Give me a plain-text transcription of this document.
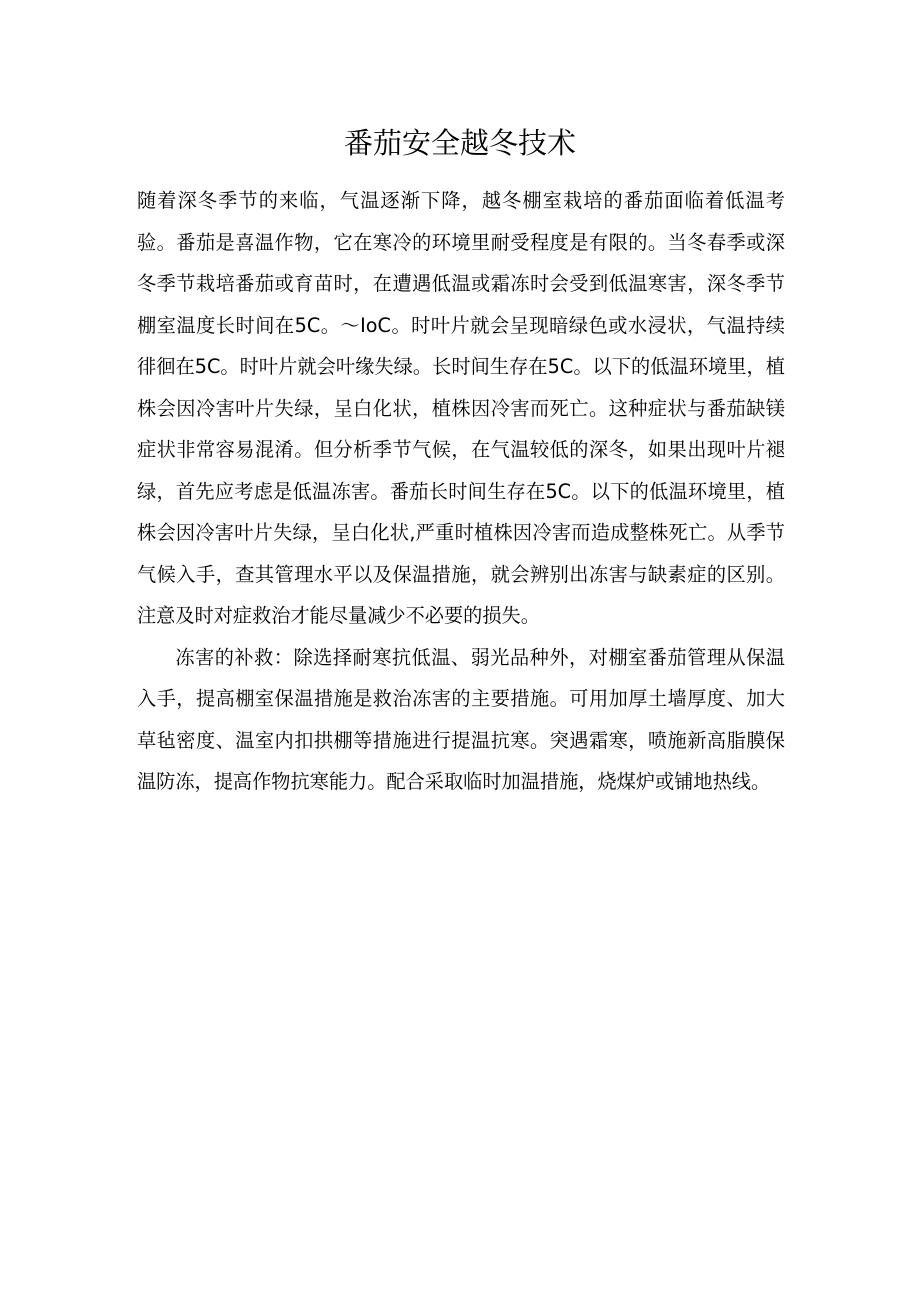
番茄安全越冬技术

随着深冬季节的来临，气温逐渐下降，越冬棚室栽培的番茄面临着低温考验。番茄是喜温作物，它在寒冷的环境里耐受程度是有限的。当冬春季或深冬季节栽培番茄或育苗时，在遭遇低温或霜冻时会受到低温寒害，深冬季节棚室温度长时间在5C。〜IoC。时叶片就会呈现暗绿色或水浸状，气温持续徘徊在5C。时叶片就会叶缘失绿。长时间生存在5C。以下的低温环境里，植株会因冷害叶片失绿，呈白化状，植株因冷害而死亡。这种症状与番茄缺镁症状非常容易混淆。但分析季节气候，在气温较低的深冬，如果出现叶片褪绿，首先应考虑是低温冻害。番茄长时间生存在5C。以下的低温环境里，植株会因冷害叶片失绿，呈白化状,严重时植株因冷害而造成整株死亡。从季节气候入手，查其管理水平以及保温措施，就会辨别出冻害与缺素症的区别。注意及时对症救治才能尽量减少不必要的损失。

冻害的补救：除选择耐寒抗低温、弱光品种外，对棚室番茄管理从保温入手，提高棚室保温措施是救治冻害的主要措施。可用加厚土墙厚度、加大草毡密度、温室内扣拱棚等措施进行提温抗寒。突遇霜寒，喷施新高脂膜保温防冻，提高作物抗寒能力。配合采取临时加温措施，烧煤炉或铺地热线。
